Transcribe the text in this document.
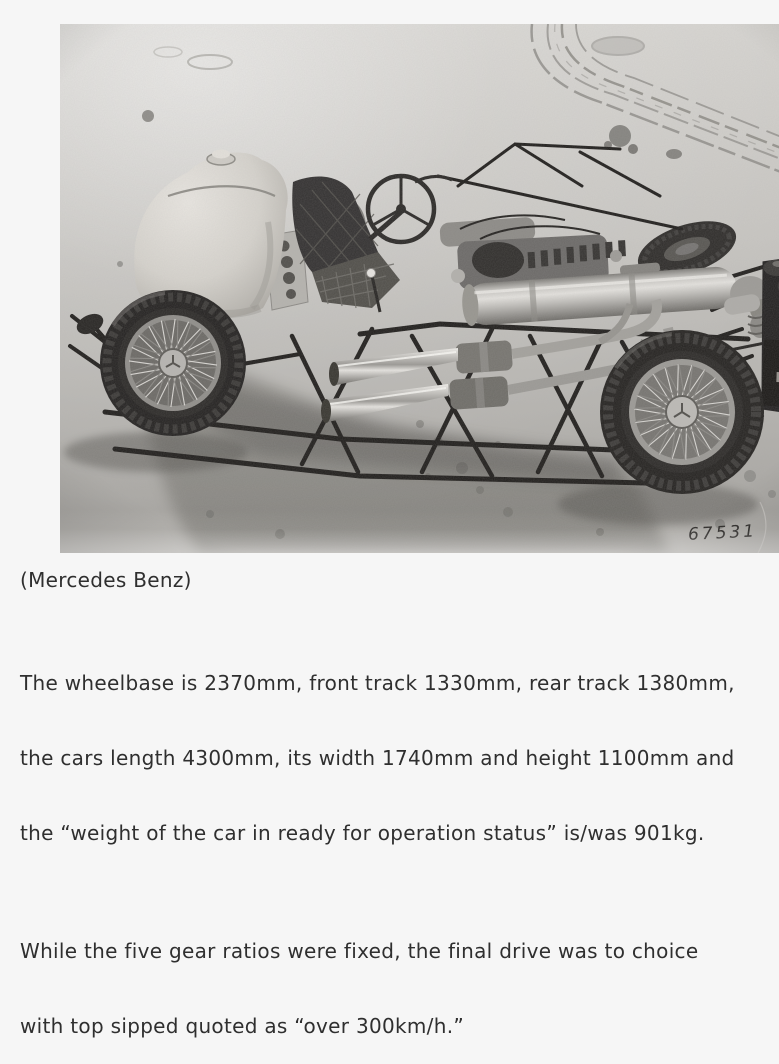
(Mercedes Benz)
The wheelbase is 2370mm, front track 1330mm, rear track 1380mm,
the cars length 4300mm, its width 1740mm and height 1100mm and
the “weight of the car in ready for operation status” is/was 901kg.
While the five gear ratios were fixed, the final drive was to choice
with top sipped quoted as “over 300km/h.”
